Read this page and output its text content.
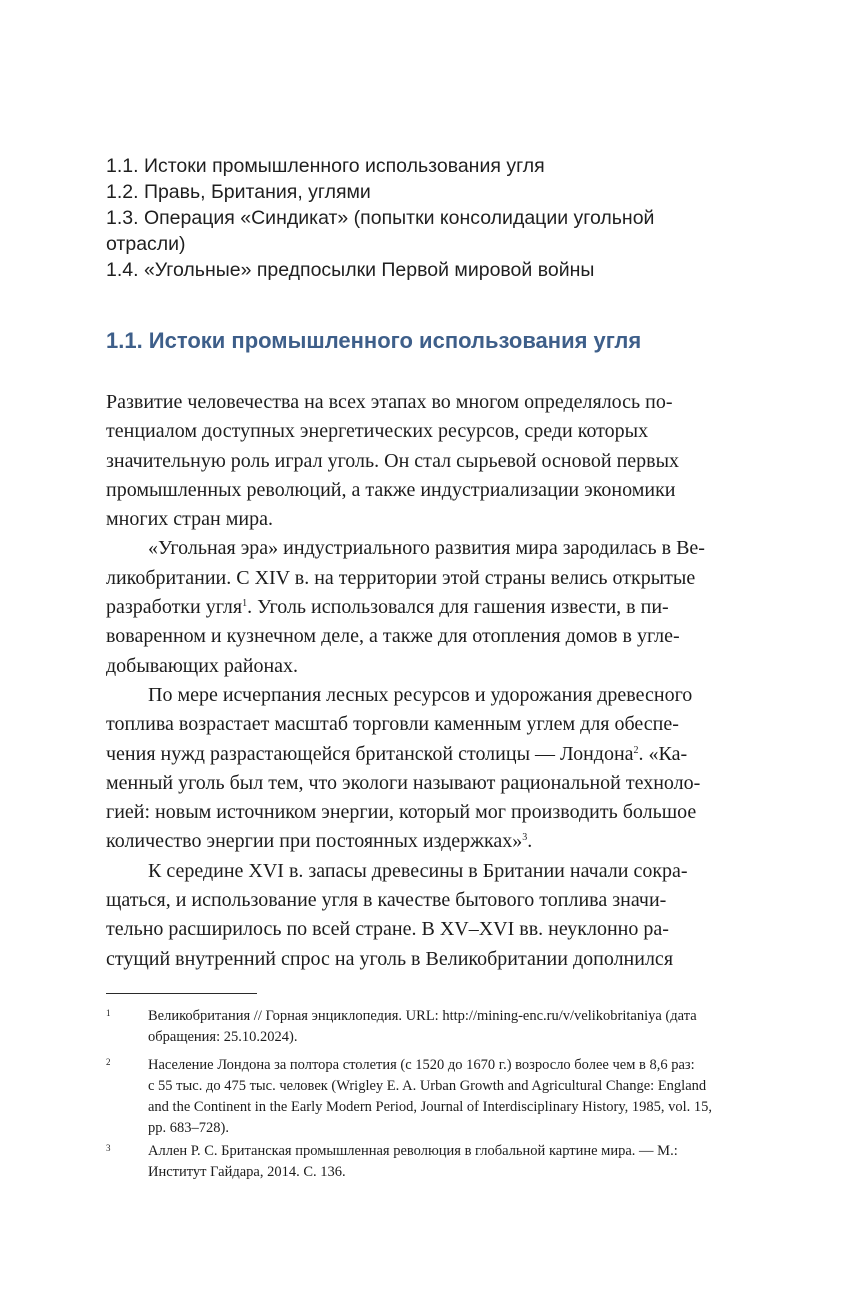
1.1. Истоки промышленного использования угля
1.2. Правь, Британия, углями
1.3. Операция «Синдикат» (попытки консолидации угольной
отрасли)
1.4. «Угольные» предпосылки Первой мировой войны
1.1. Истоки промышленного использования угля
Развитие человечества на всех этапах во многом определялось по-
тенциалом доступных энергетических ресурсов, среди которых
значительную роль играл уголь. Он стал сырьевой основой первых
промышленных революций, а также индустриализации экономики
многих стран мира.
«Угольная эра» индустриального развития мира зародилась в Ве-
ликобритании. С XIV в. на территории этой страны велись открытые
разработки угля$^1$. Уголь использовался для гашения извести, в пи-
воваренном и кузнечном деле, а также для отопления домов в угле-
добывающих районах.
По мере исчерпания лесных ресурсов и удорожания древесного
топлива возрастает масштаб торговли каменным углем для обеспе-
чения нужд разрастающейся британской столицы — Лондона$^2$. «Ка-
менный уголь был тем, что экологи называют рациональной техноло-
гией: новым источником энергии, который мог производить большое
количество энергии при постоянных издержках»$^3$.
К середине XVI в. запасы древесины в Британии начали сокра-
щаться, и использование угля в качестве бытового топлива значи-
тельно расширилось по всей стране. В XV–XVI вв. неуклонно ра-
стущий внутренний спрос на уголь в Великобритании дополнился
1	Великобритания // Горная энциклопедия. URL: http://mining-enc.ru/v/velikobritaniya (дата
обращения: 25.10.2024).
2	Население Лондона за полтора столетия (с 1520 до 1670 г.) возросло более чем в 8,6 раз:
с 55 тыс. до 475 тыс. человек (Wrigley E. A. Urban Growth and Agricultural Change: England
and the Continent in the Early Modern Period, Journal of Interdisciplinary History, 1985, vol. 15,
pp. 683–728).
3	Аллен Р. С. Британская промышленная революция в глобальной картине мира. — М.:
Институт Гайдара, 2014. С. 136.
